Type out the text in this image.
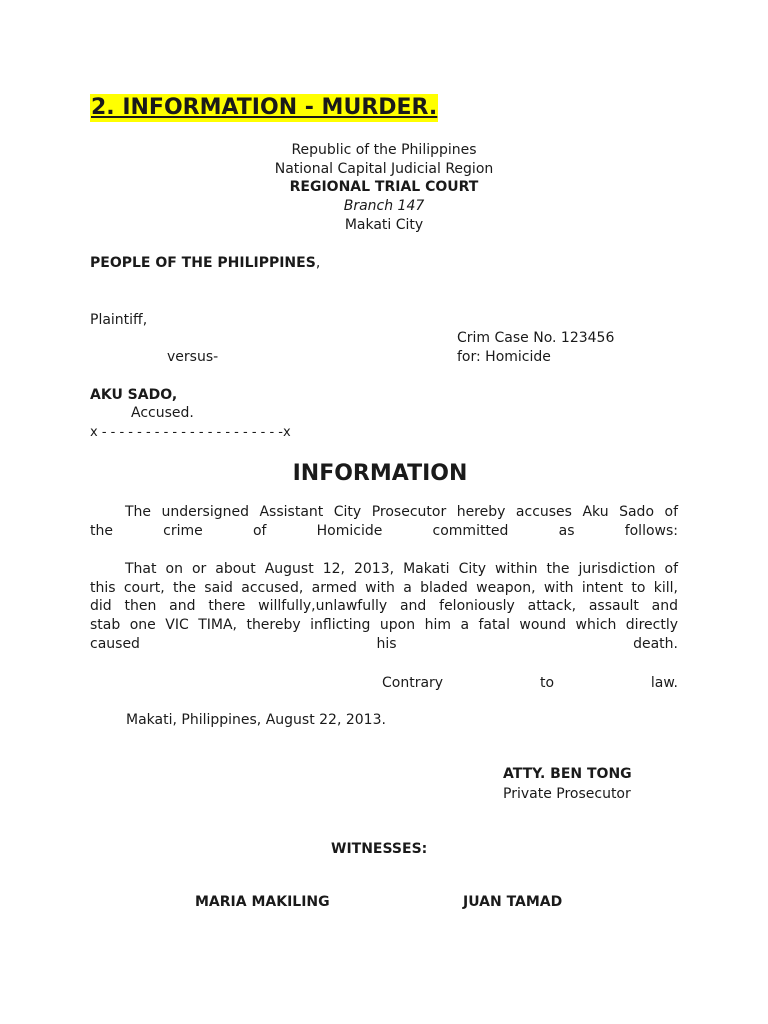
2. INFORMATION - MURDER.
Republic of the Philippines
National Capital Judicial Region
REGIONAL TRIAL COURT
Branch 147
Makati City
PEOPLE OF THE PHILIPPINES,
Plaintiff,
Crim Case No. 123456
versus-	for: Homicide
AKU SADO,
Accused.
x - - - - - - - - - - - - - - - - - - - - -x
INFORMATION
The undersigned Assistant City Prosecutor hereby accuses Aku Sado of
the crime of Homicide committed as follows:
That on or about August 12, 2013, Makati City within the jurisdiction of
this court, the said accused, armed with a bladed weapon, with intent to kill,
did then and there willfully,unlawfully and feloniously attack, assault and
stab one VIC TIMA, thereby inflicting upon him a fatal wound which directly
caused his death.
Contrary to law.
Makati, Philippines, August 22, 2013.
ATTY. BEN TONG
Private Prosecutor
WITNESSES:
MARIA MAKILING	JUAN TAMAD
